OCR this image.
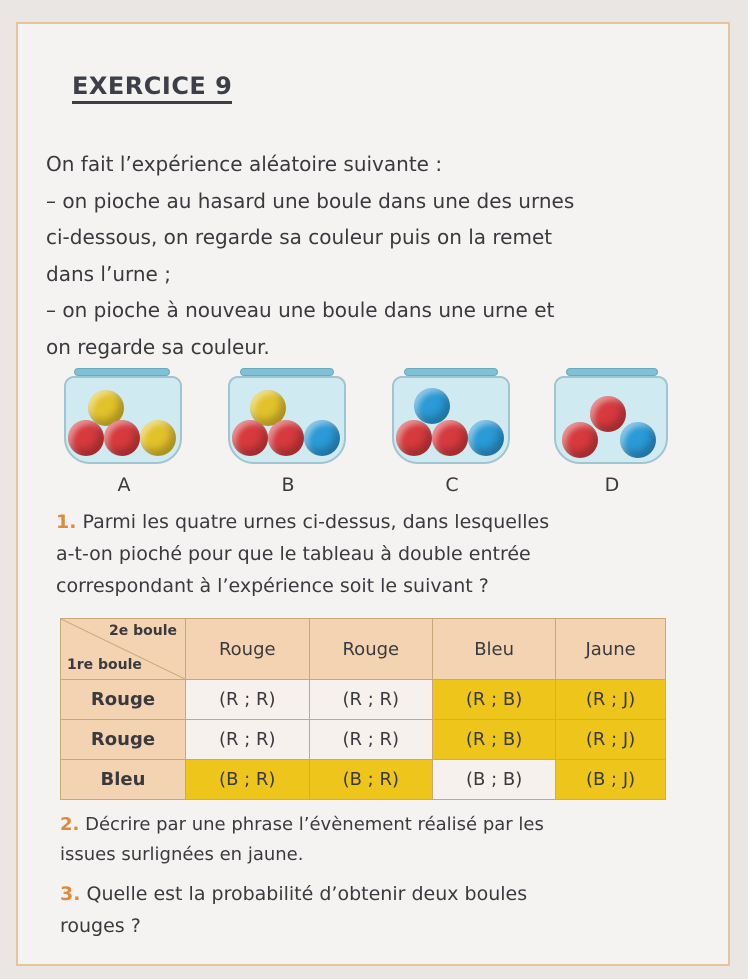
EXERCICE 9

On fait l’expérience aléatoire suivante :

– on pioche au hasard une boule dans une des urnes

ci-dessous, on regarde sa couleur puis on la remet

dans l’urne ;

– on pioche à nouveau une boule dans une urne et

on regarde sa couleur.

A	B	C	D
1. Parmi les quatre urnes ci-dessus, dans lesquelles
a-t-on pioché pour que le tableau à double entrée
correspondant à l’expérience soit le suivant ?
2e boule
1re boule	Rouge	Rouge	Bleu	Jaune
Rouge	(R ; R)	(R ; R)	(R ; B)	(R ; J)
Rouge	(R ; R)	(R ; R)	(R ; B)	(R ; J)
Bleu	(B ; R)	(B ; R)	(B ; B)	(B ; J)
2. Décrire par une phrase l’évènement réalisé par les
issues surlignées en jaune.
3. Quelle est la probabilité d’obtenir deux boules
rouges ?
